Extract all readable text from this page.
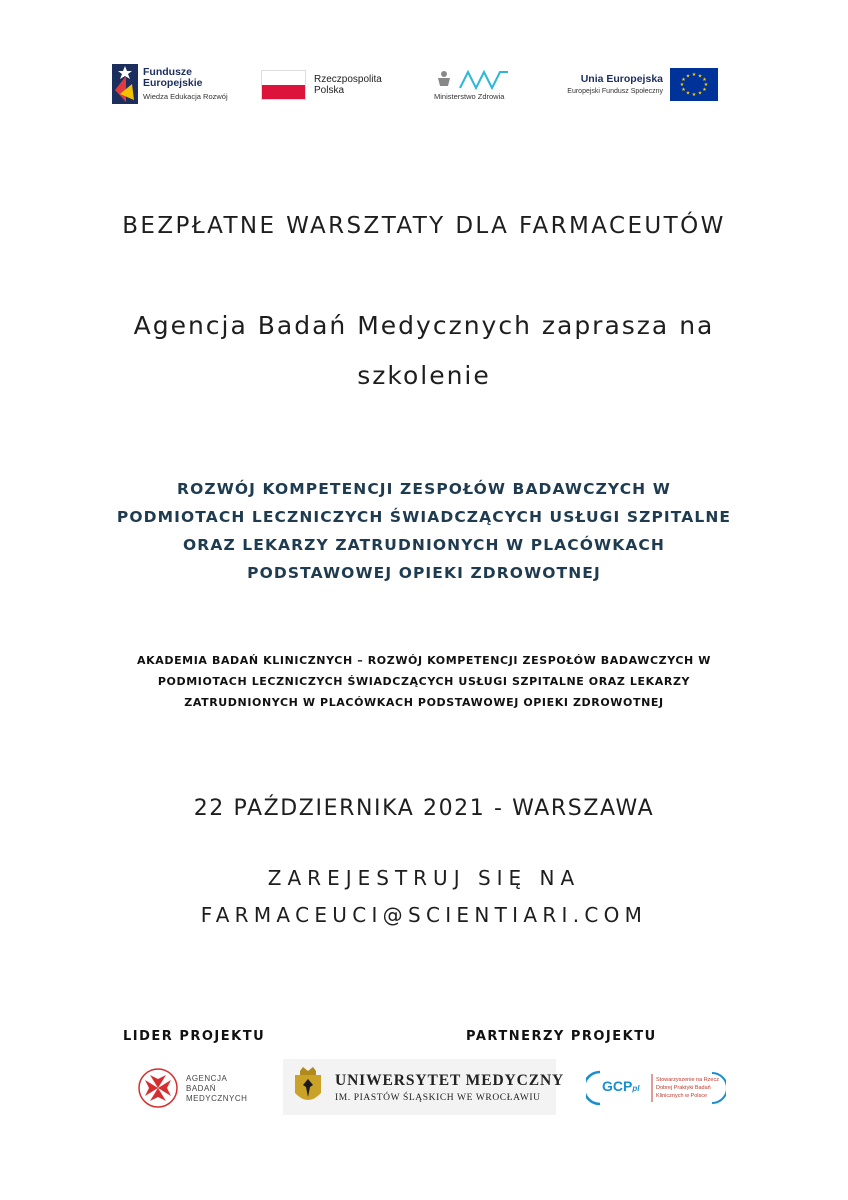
Fundusze
Europejskie
Wiedza Edukacja Rozwój
Rzeczpospolita
Polska
Ministerstwo Zdrowia
Unia Europejska
Europejski Fundusz Społeczny
★ ★
★
★
★
★
★
★
★
★
★
★
BEZPŁATNE WARSZTATY DLA FARMACEUTÓW
Agencja Badań Medycznych zaprasza na
szkolenie
ROZWÓJ KOMPETENCJI ZESPOŁÓW BADAWCZYCH W
PODMIOTACH LECZNICZYCH ŚWIADCZĄCYCH USŁUGI SZPITALNE
ORAZ LEKARZY ZATRUDNIONYCH W PLACÓWKACH
PODSTAWOWEJ OPIEKI ZDROWOTNEJ
AKADEMIA BADAŃ KLINICZNYCH – ROZWÓJ KOMPETENCJI ZESPOŁÓW BADAWCZYCH W
PODMIOTACH LECZNICZYCH ŚWIADCZĄCYCH USŁUGI SZPITALNE ORAZ LEKARZY
ZATRUDNIONYCH W PLACÓWKACH PODSTAWOWEJ OPIEKI ZDROWOTNEJ
22 PAŹDZIERNIKA 2021 - WARSZAWA
ZAREJESTRUJ SIĘ NA
FARMACEUCI@SCIENTIARI.COM
LIDER PROJEKTU	PARTNERZY PROJEKTU
AGENCJA
BADAŃ
MEDYCZNYCH
UNIWERSYTET MEDYCZNY
IM. PIASTÓW ŚLĄSKICH WE WROCŁAWIU
GCPpl
Stowarzyszenie na Rzecz
Dobrej Praktyki Badań
Klinicznych w Polsce
